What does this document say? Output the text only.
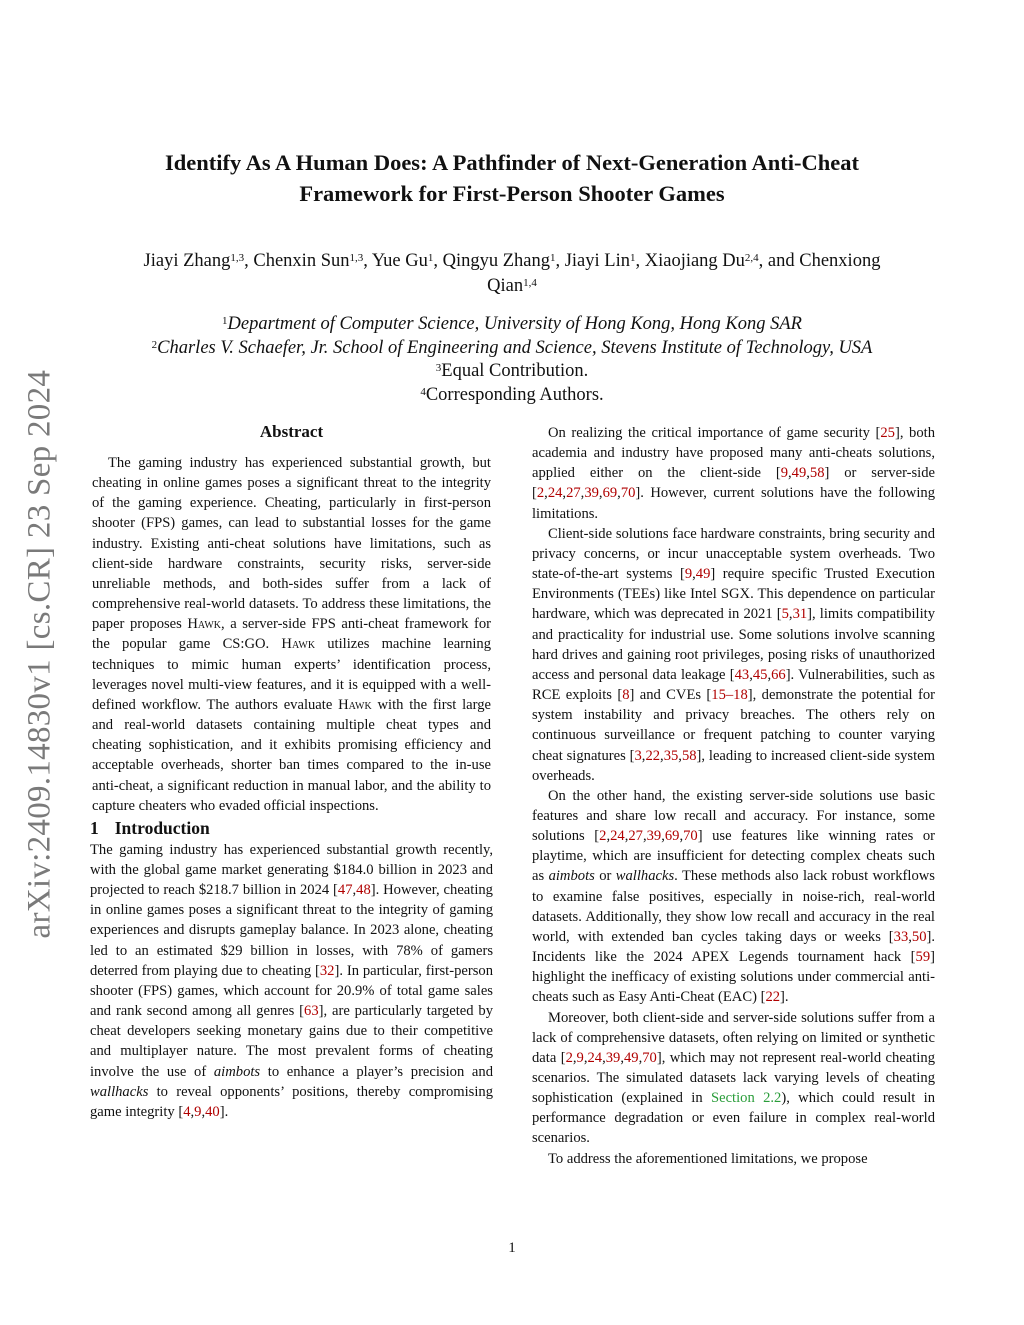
arXiv:2409.14830v1 [cs.CR] 23 Sep 2024
Identify As A Human Does: A Pathfinder of Next-Generation Anti-Cheat
Framework for First-Person Shooter Games
Jiayi Zhang$^{1,3}$, Chenxin Sun$^{1,3}$, Yue Gu$^1$, Qingyu Zhang$^1$, Jiayi Lin$^1$, Xiaojiang Du$^{2,4}$, and Chenxiong
Qian$^{1,4}$
$^1$Department of Computer Science, University of Hong Kong, Hong Kong SAR
$^2$Charles V. Schaefer, Jr. School of Engineering and Science, Stevens Institute of Technology, USA
$^3$Equal Contribution.
$^4$Corresponding Authors.
Abstract

The gaming industry has experienced substantial growth, but cheating in online games poses a significant threat to the integrity of the gaming experience. Cheating, particularly in first-person shooter (FPS) games, can lead to substantial losses for the game industry. Existing anti-cheat solutions have limitations, such as client-side hardware constraints, security risks, server-side unreliable methods, and both-sides suffer from a lack of comprehensive real-world datasets. To address these limitations, the paper proposes Hawk, a server-side FPS anti-cheat framework for the popular game CS:GO. Hawk utilizes machine learning techniques to mimic human experts’ identification process, leverages novel multi-view features, and it is equipped with a well-defined workflow. The authors evaluate Hawk with the first large and real-world datasets containing multiple cheat types and cheating sophistication, and it exhibits promising efficiency and acceptable overheads, shorter ban times compared to the in-use anti-cheat, a significant reduction in manual labor, and the ability to capture cheaters who evaded official inspections.

1 Introduction

The gaming industry has experienced substantial growth recently, with the global game market generating $184.0 billion in 2023 and projected to reach $218.7 billion in 2024 [47,48]. However, cheating in online games poses a significant threat to the integrity of gaming experiences and disrupts gameplay balance. In 2023 alone, cheating led to an estimated $29 billion in losses, with 78% of gamers deterred from playing due to cheating [32]. In particular, first-person shooter (FPS) games, which account for 20.9% of total game sales and rank second among all genres [63], are particularly targeted by cheat developers seeking monetary gains due to their competitive and multiplayer nature. The most prevalent forms of cheating involve the use of aimbots to enhance a player’s precision and wallhacks to reveal opponents’ positions, thereby compromising game integrity [4,9,40].

On realizing the critical importance of game security [25], both academia and industry have proposed many anti-cheats solutions, applied either on the client-side [9,49,58] or server-side [2,24,27,39,69,70]. However, current solutions have the following limitations.

Client-side solutions face hardware constraints, bring security and privacy concerns, or incur unacceptable system overheads. Two state-of-the-art systems [9,49] require specific Trusted Execution Environments (TEEs) like Intel SGX. This dependence on particular hardware, which was deprecated in 2021 [5,31], limits compatibility and practicality for industrial use. Some solutions involve scanning hard drives and gaining root privileges, posing risks of unauthorized access and personal data leakage [43,45,66]. Vulnerabilities, such as RCE exploits [8] and CVEs [15–18], demonstrate the potential for system instability and privacy breaches. The others rely on continuous surveillance or frequent patching to counter varying cheat signatures [3,22,35,58], leading to increased client-side system overheads.

On the other hand, the existing server-side solutions use basic features and share low recall and accuracy. For instance, some solutions [2,24,27,39,69,70] use features like winning rates or playtime, which are insufficient for detecting complex cheats such as aimbots or wallhacks. These methods also lack robust workflows to examine false positives, especially in noise-rich, real-world datasets. Additionally, they show low recall and accuracy in the real world, with extended ban cycles taking days or weeks [33,50]. Incidents like the 2024 APEX Legends tournament hack [59] highlight the inefficacy of existing solutions under commercial anti-cheats such as Easy Anti-Cheat (EAC) [22].

Moreover, both client-side and server-side solutions suffer from a lack of comprehensive datasets, often relying on limited or synthetic data [2,9,24,39,49,70], which may not represent real-world cheating scenarios. The simulated datasets lack varying levels of cheating sophistication (explained in Section 2.2), which could result in performance degradation or even failure in complex real-world scenarios.

To address the aforementioned limitations, we propose

1
